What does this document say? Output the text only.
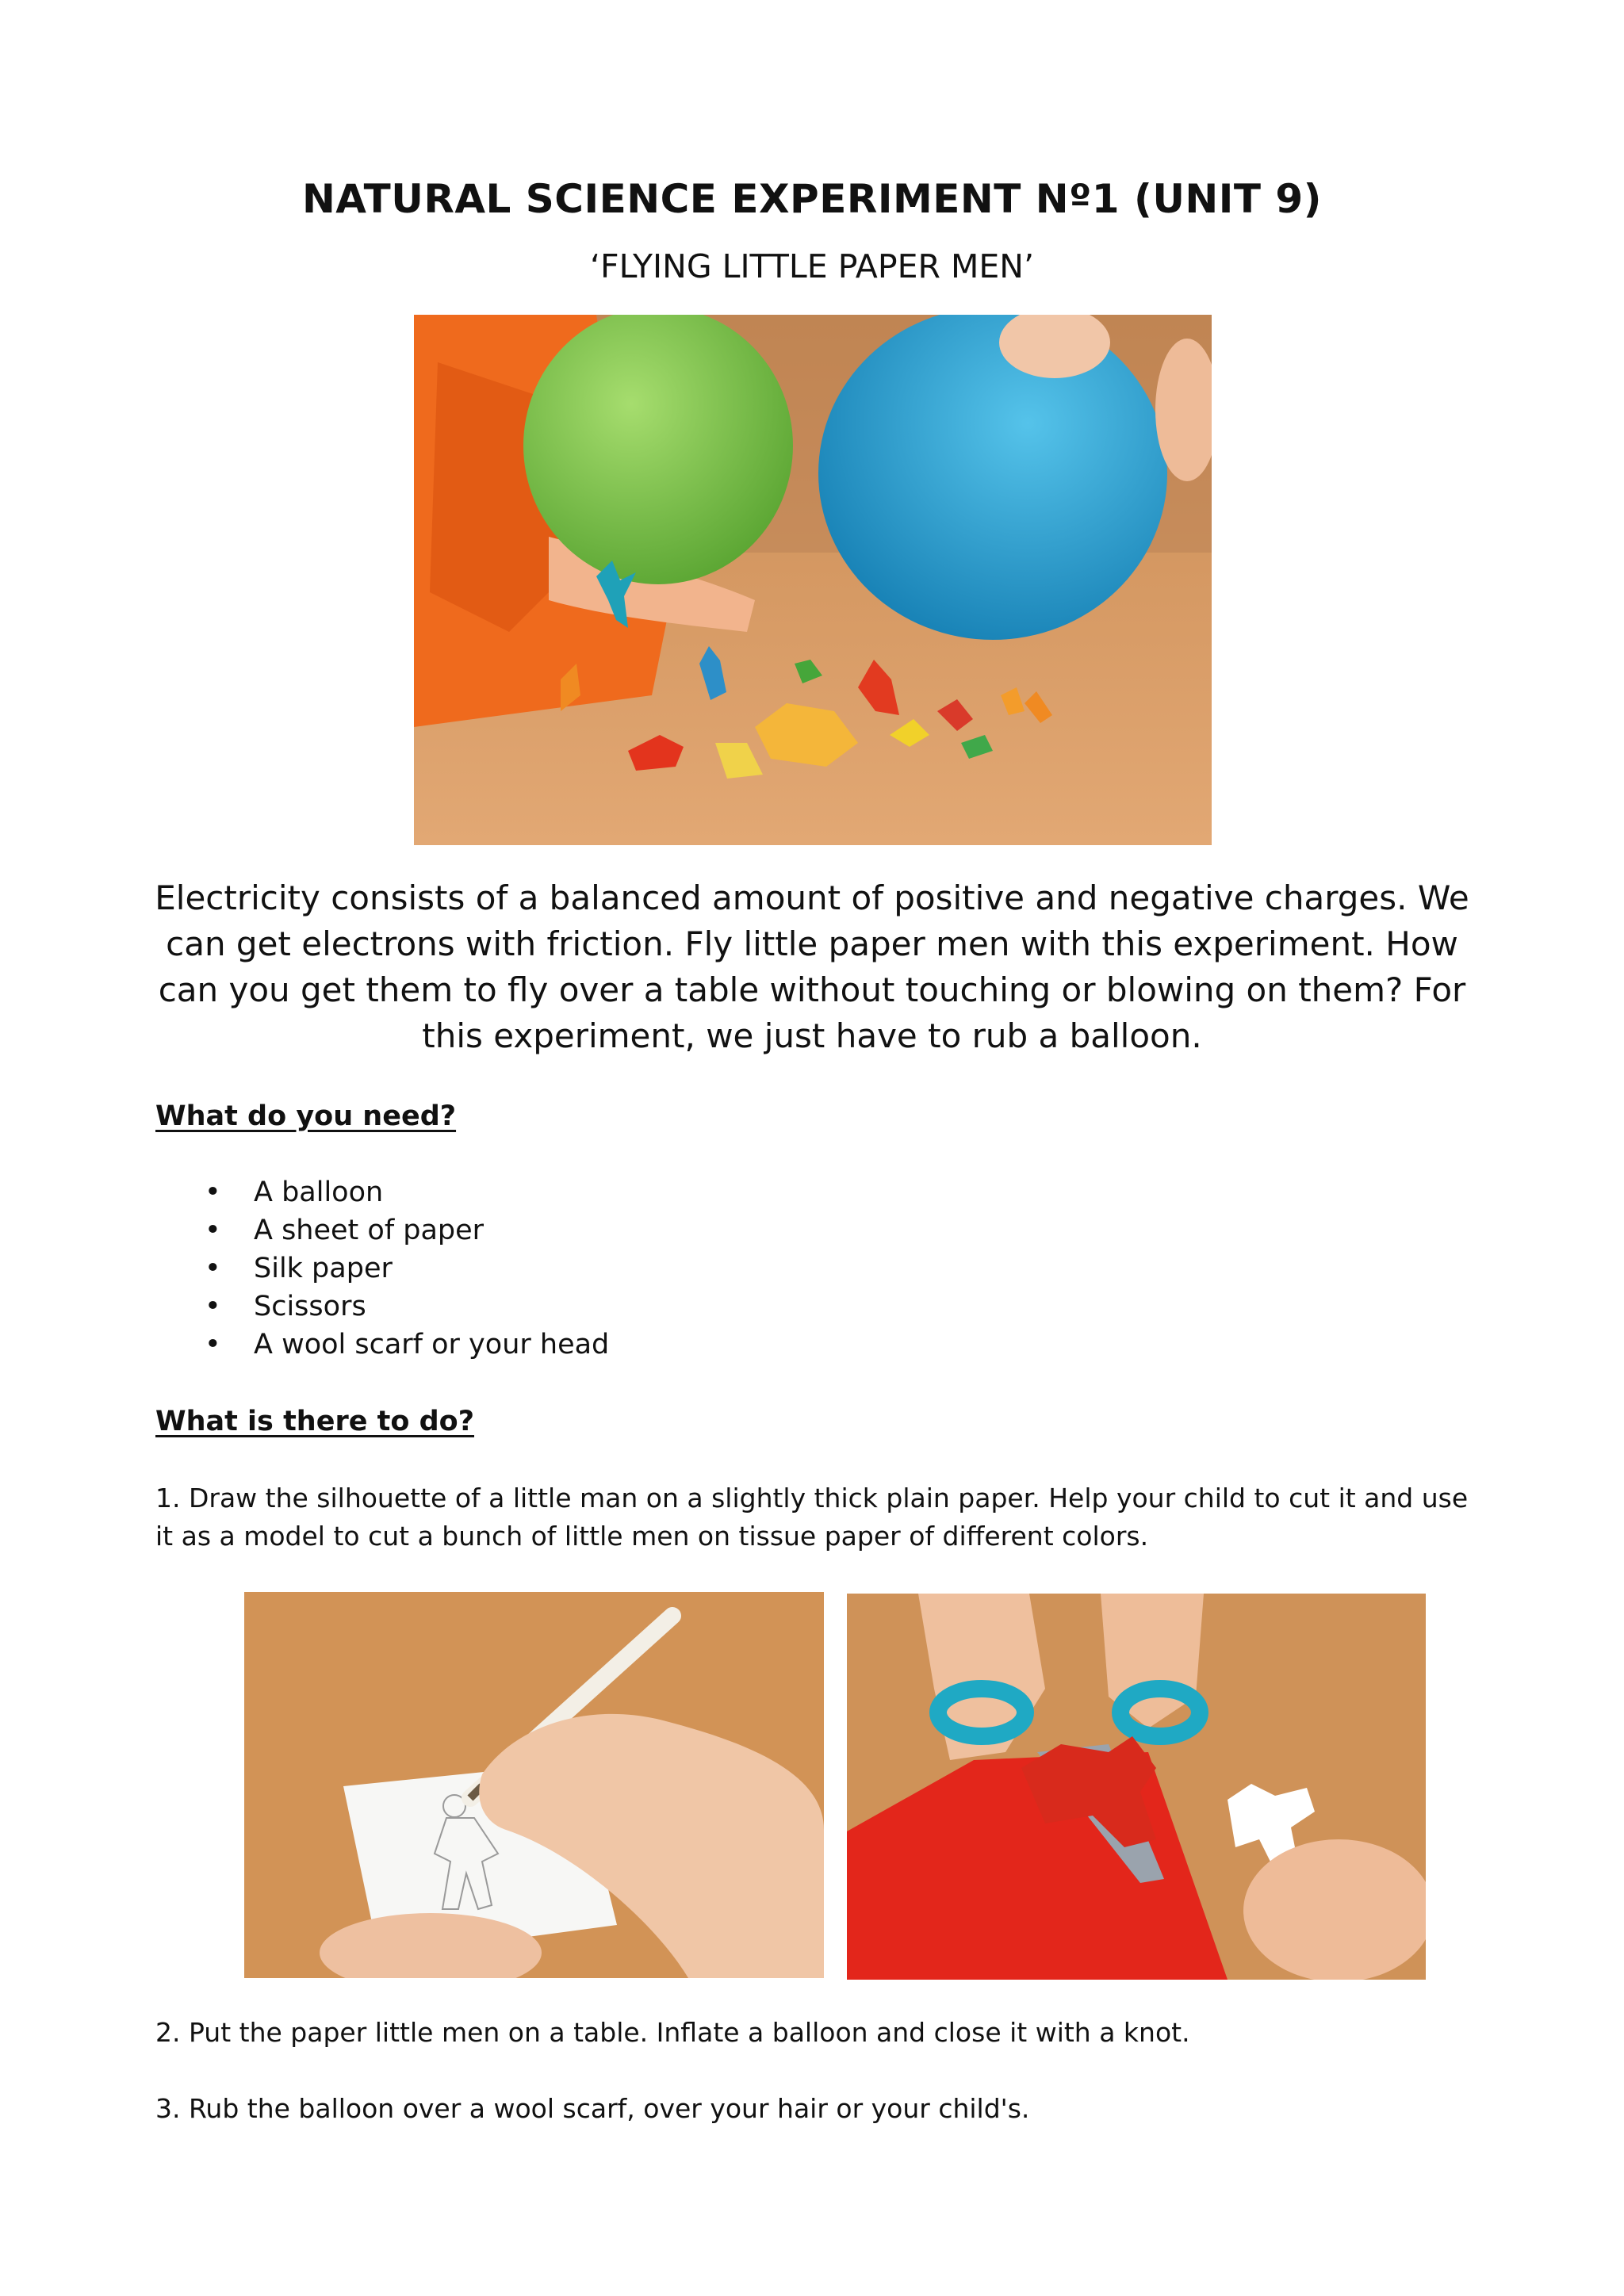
NATURAL SCIENCE EXPERIMENT Nº1 (UNIT 9)
‘FLYING LITTLE PAPER MEN’
Electricity consists of a balanced amount of positive and negative charges. We can get electrons with friction. Fly little paper men with this experiment. How can you get them to fly over a table without touching or blowing on them? For this experiment, we just have to rub a balloon.
What do you need?
• A balloon
• A sheet of paper
• Silk paper
• Scissors
• A wool scarf or your head
What is there to do?
1. Draw the silhouette of a little man on a slightly thick plain paper. Help your child to cut it and use it as a model to cut a bunch of little men on tissue paper of different colors.
2. Put the paper little men on a table. Inflate a balloon and close it with a knot.
3. Rub the balloon over a wool scarf, over your hair or your child's.
